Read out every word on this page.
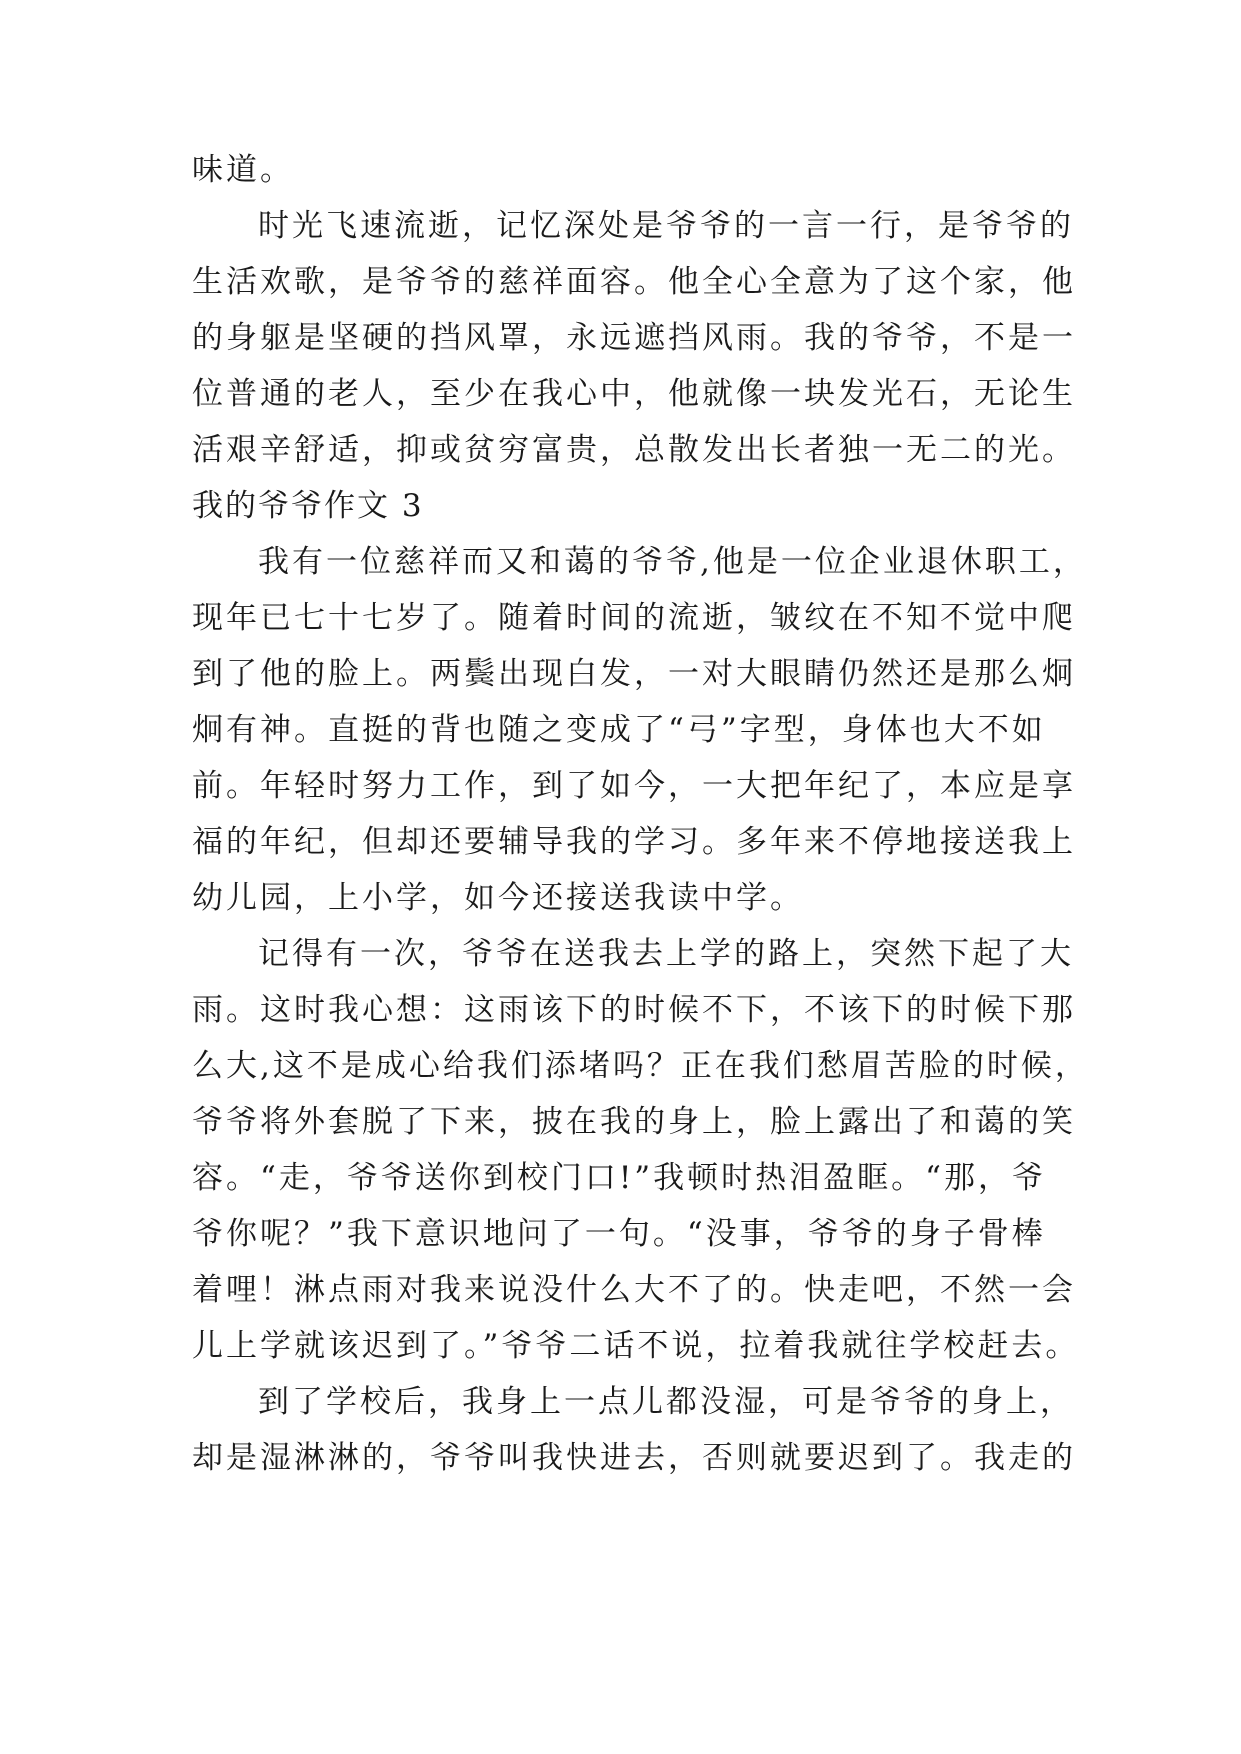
味道。
时光飞速流逝，记忆深处是爷爷的一言一行，是爷爷的
生活欢歌，是爷爷的慈祥面容。他全心全意为了这个家，他
的身躯是坚硬的挡风罩，永远遮挡风雨。我的爷爷，不是一
位普通的老人，至少在我心中，他就像一块发光石，无论生
活艰辛舒适，抑或贫穷富贵，总散发出长者独一无二的光。
我的爷爷作文 3
我有一位慈祥而又和蔼的爷爷,他是一位企业退休职工，
现年已七十七岁了。随着时间的流逝，皱纹在不知不觉中爬
到了他的脸上。两鬓出现白发，一对大眼睛仍然还是那么炯
炯有神。直挺的背也随之变成了“弓”字型，身体也大不如
前。年轻时努力工作，到了如今，一大把年纪了，本应是享
福的年纪，但却还要辅导我的学习。多年来不停地接送我上
幼儿园，上小学，如今还接送我读中学。
记得有一次，爷爷在送我去上学的路上，突然下起了大
雨。这时我心想：这雨该下的时候不下，不该下的时候下那
么大,这不是成心给我们添堵吗？正在我们愁眉苦脸的时候，
爷爷将外套脱了下来，披在我的身上，脸上露出了和蔼的笑
容。“走，爷爷送你到校门口!”我顿时热泪盈眶。“那，爷
爷你呢？”我下意识地问了一句。“没事，爷爷的身子骨棒
着哩！淋点雨对我来说没什么大不了的。快走吧，不然一会
儿上学就该迟到了。”爷爷二话不说，拉着我就往学校赶去。
到了学校后，我身上一点儿都没湿，可是爷爷的身上，
却是湿淋淋的，爷爷叫我快进去，否则就要迟到了。我走的
